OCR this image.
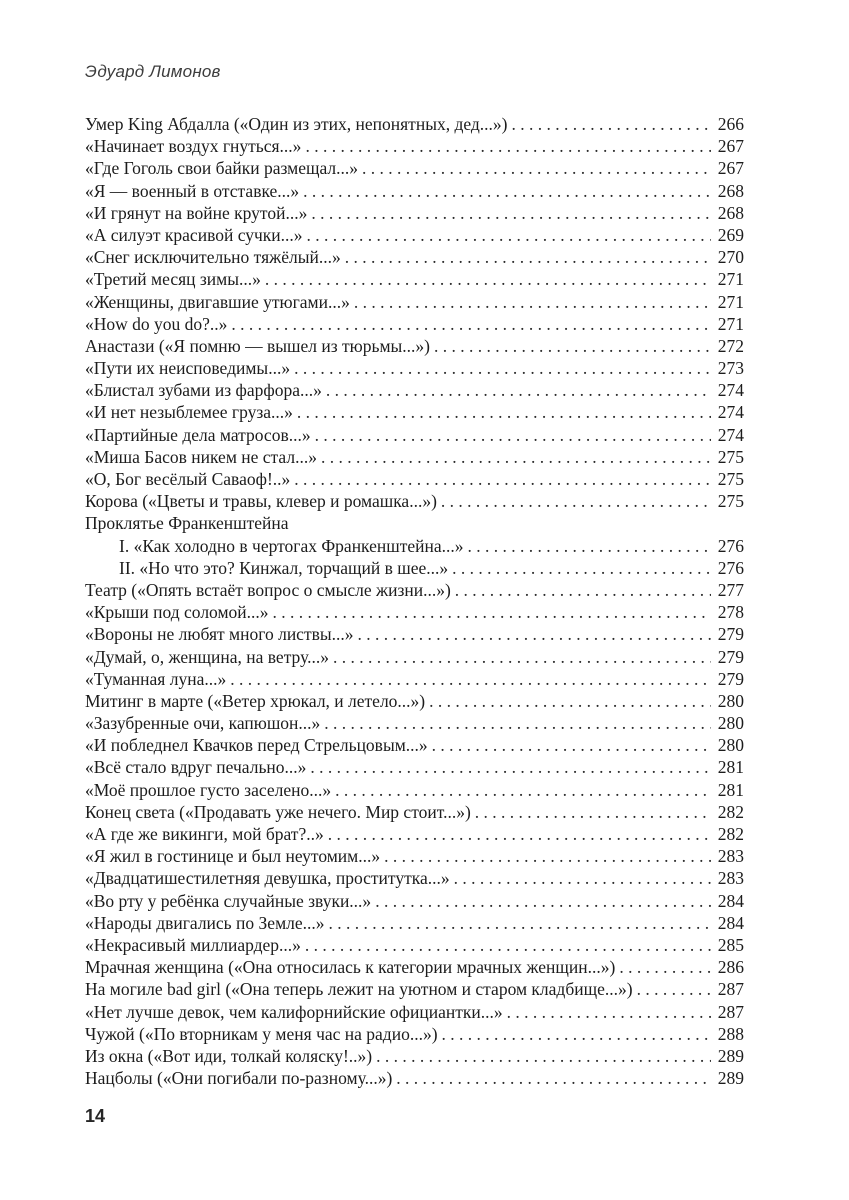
Эдуард Лимонов
Умер King Абдалла («Один из этих, непонятных, дед...») . . .	266
«Начинает воздух гнуться...» . . .	267
«Где Гоголь свои байки размещал...» . . .	267
«Я — военный в отставке...» . . .	268
«И грянут на войне крутой...» . . .	268
«А силуэт красивой сучки...» . . .	269
«Снег исключительно тяжёлый...» . . .	270
«Третий месяц зимы...» . . .	271
«Женщины, двигавшие утюгами...» . . .	271
«How do you do?..» . . .	271
Анастази («Я помню — вышел из тюрьмы...») . . .	272
«Пути их неисповедимы...» . . .	273
«Блистал зубами из фарфора...» . . .	274
«И нет незыблемее груза...» . . .	274
«Партийные дела матросов...» . . .	274
«Миша Басов никем не стал...» . . .	275
«О, Бог весёлый Саваоф!..» . . .	275
Корова («Цветы и травы, клевер и ромашка...») . . .	275
Проклятье Франкенштейна
I. «Как холодно в чертогах Франкенштейна...» . . .	276
II. «Но что это? Кинжал, торчащий в шее...» . . .	276
Театр («Опять встаёт вопрос о смысле жизни...») . . .	277
«Крыши под соломой...» . . .	278
«Вороны не любят много листвы...» . . .	279
«Думай, о, женщина, на ветру...» . . .	279
«Туманная луна...» . . .	279
Митинг в марте («Ветер хрюкал, и летело...») . . .	280
«Зазубренные очи, капюшон...» . . .	280
«И побледнел Квачков перед Стрельцовым...» . . .	280
«Всё стало вдруг печально...» . . .	281
«Моё прошлое густо заселено...» . . .	281
Конец света («Продавать уже нечего. Мир стоит...») . . .	282
«А где же викинги, мой брат?..» . . .	282
«Я жил в гостинице и был неутомим...» . . .	283
«Двадцатишестилетняя девушка, проститутка...» . . .	283
«Во рту у ребёнка случайные звуки...» . . .	284
«Народы двигались по Земле...» . . .	284
«Некрасивый миллиардер...» . . .	285
Мрачная женщина («Она относилась к категории мрачных женщин...») . . .	286
На могиле bad girl («Она теперь лежит на уютном и старом кладбище...») . . .	287
«Нет лучше девок, чем калифорнийские официантки...» . . .	287
Чужой («По вторникам у меня час на радио...») . . .	288
Из окна («Вот иди, толкай коляску!..») . . .	289
Нацболы («Они погибали по-разному...») . . .	289
14
